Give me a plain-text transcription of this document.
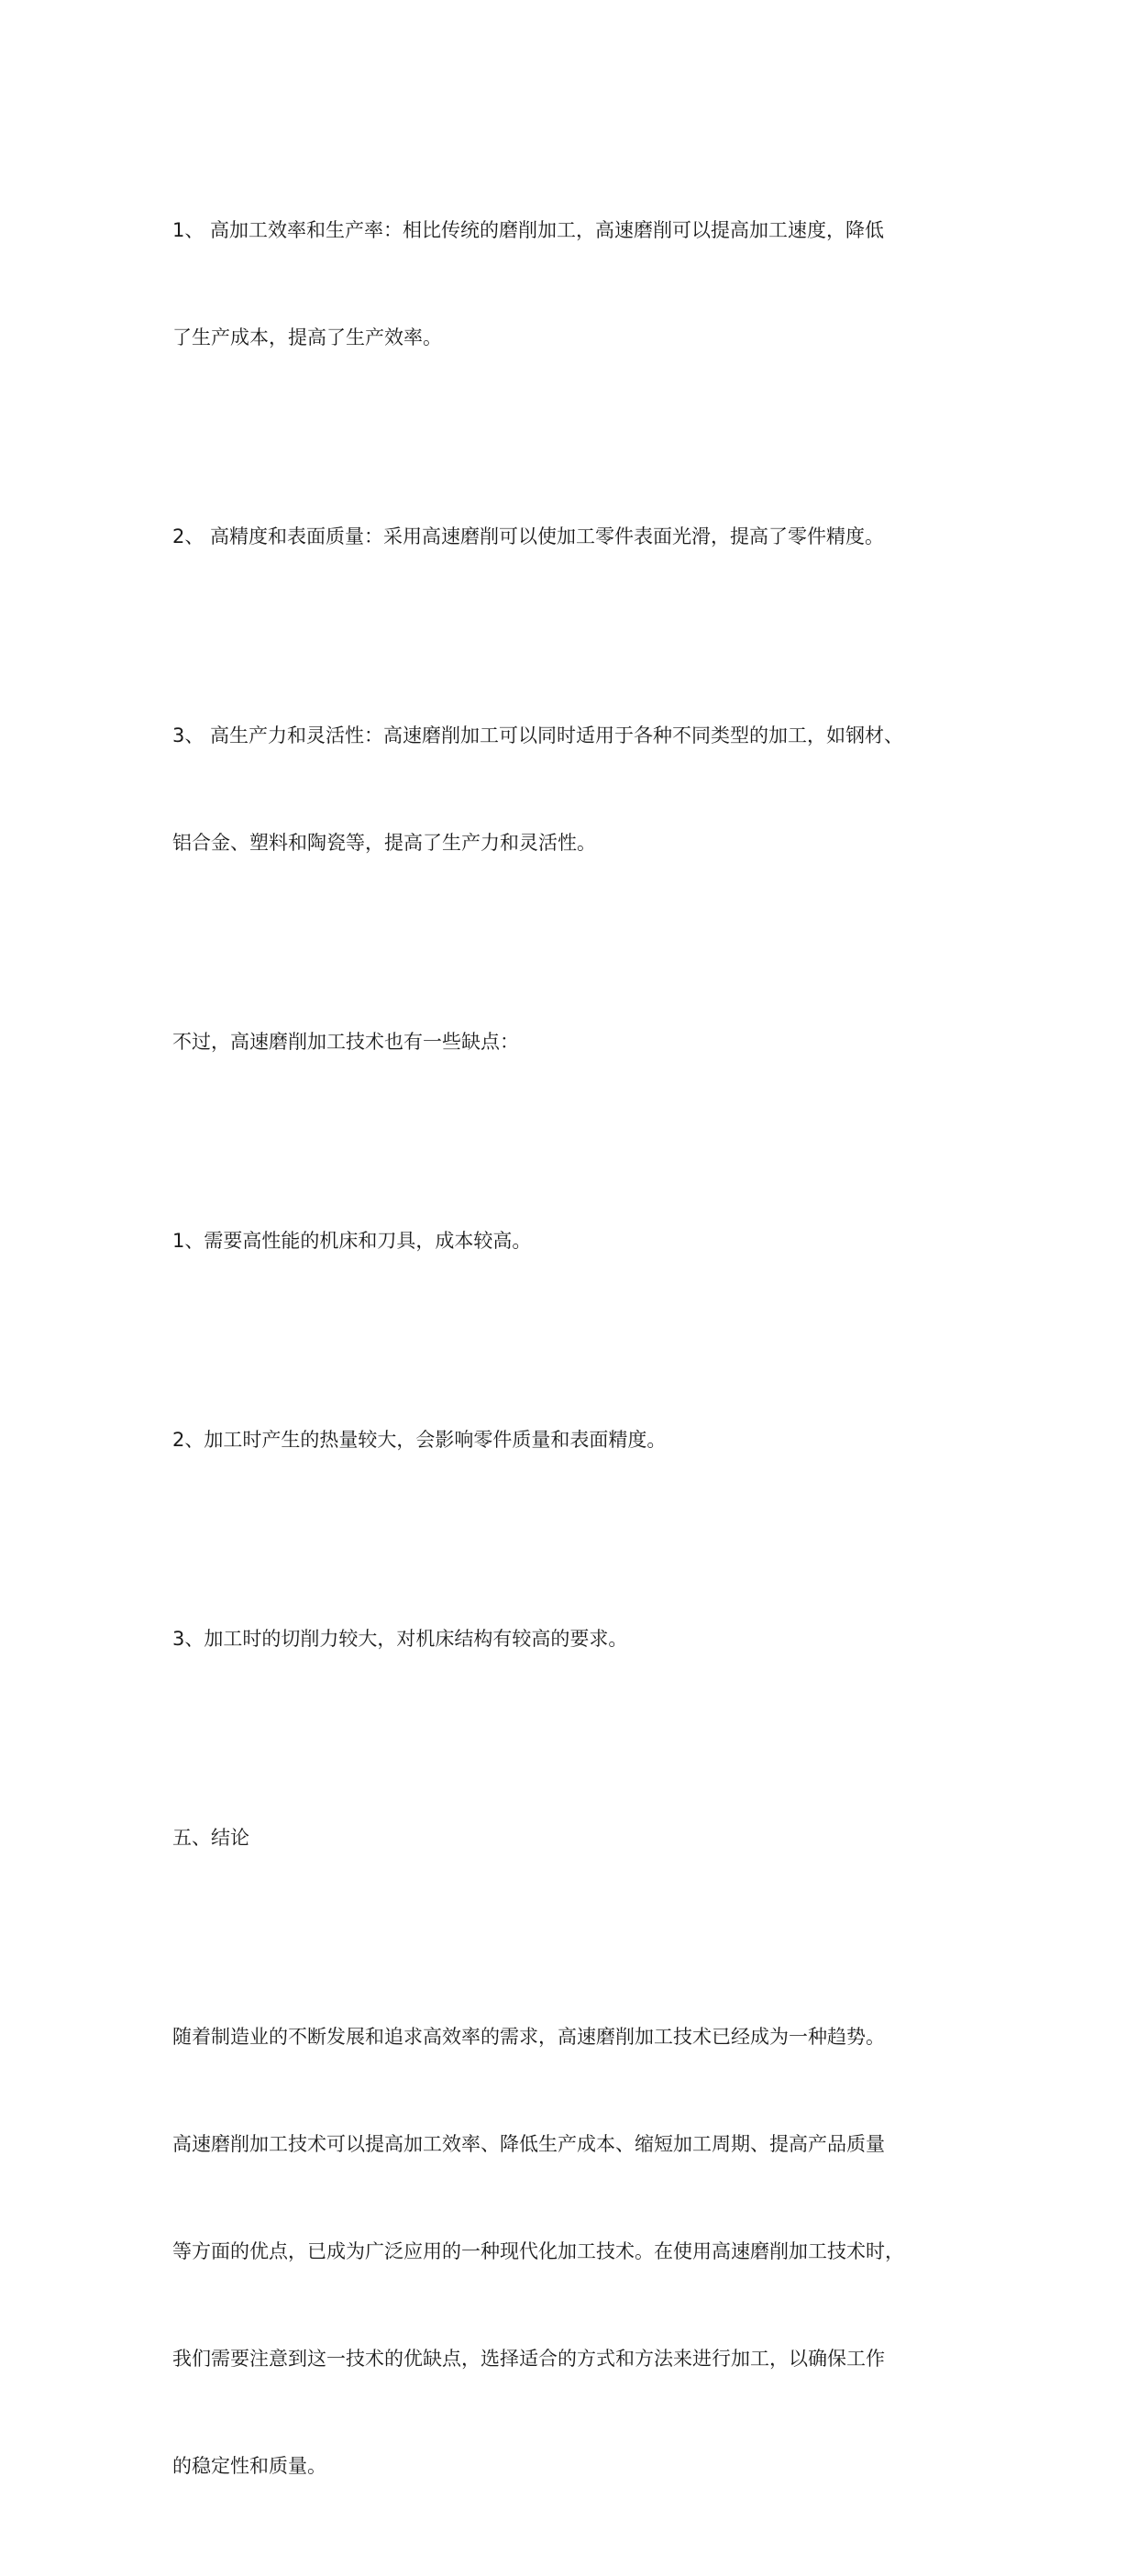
1、 高加工效率和生产率：相比传统的磨削加工，高速磨削可以提高加工速度，降低

了生产成本，提高了生产效率。

2、 高精度和表面质量：采用高速磨削可以使加工零件表面光滑，提高了零件精度。

3、 高生产力和灵活性：高速磨削加工可以同时适用于各种不同类型的加工，如钢材、

铝合金、塑料和陶瓷等，提高了生产力和灵活性。

不过，高速磨削加工技术也有一些缺点：

1、需要高性能的机床和刀具，成本较高。

2、加工时产生的热量较大，会影响零件质量和表面精度。

3、加工时的切削力较大，对机床结构有较高的要求。

五、结论

随着制造业的不断发展和追求高效率的需求，高速磨削加工技术已经成为一种趋势。

高速磨削加工技术可以提高加工效率、降低生产成本、缩短加工周期、提高产品质量

等方面的优点，已成为广泛应用的一种现代化加工技术。在使用高速磨削加工技术时，

我们需要注意到这一技术的优缺点，选择适合的方式和方法来进行加工，以确保工作

的稳定性和质量。
